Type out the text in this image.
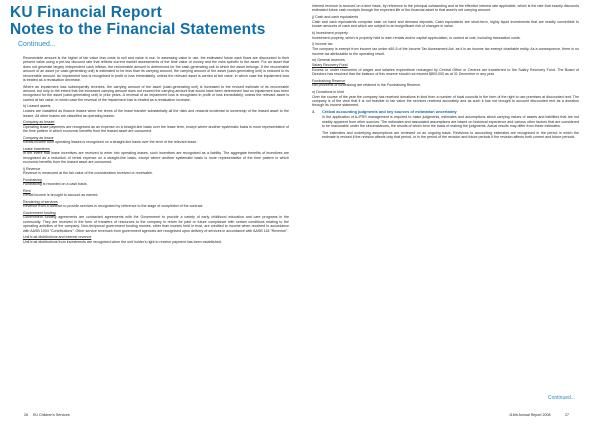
KU Financial Report
Notes to the Financial Statements
Continued...

Recoverable amount is the higher of fair value less costs to sell and value in use. In assessing value in use, the estimated future cash flows are discounted to their present value using a pre-tax discount rate that reflects current market assessments of the time value of money and the risks specific to the asset. For an asset that does not generate largely independent cash inflows, the recoverable amount is determined for the cash-generating unit to which the asset belongs. If the recoverable amount of an asset (or cash-generating unit) is estimated to be less than its carrying amount, the carrying amount of the asset (cash-generating unit) is reduced to its recoverable amount. An impairment loss is recognised in profit or loss immediately, unless the relevant asset is carried at fair value, in which case the impairment loss is treated as a revaluation decrease.

Where an impairment loss subsequently reverses, the carrying amount of the asset (cash-generating unit) is increased to the revised estimate of its recoverable amount, but only to the extent that the increased carrying amount does not exceed the carrying amount that would have been determined had no impairment loss been recognised for the asset (cash-generating unit) in prior years. A reversal of an impairment loss is recognised in profit or loss immediately, unless the relevant asset is carried at fair value, in which case the reversal of the impairment loss is treated as a revaluation increase.

h) Leased assets

Leases are classified as finance leases when the terms of the lease transfer substantially all the risks and rewards incidental to ownership of the leased asset to the lessee. All other leases are classified as operating leases.

Company as lessee

Operating lease payments are recognised as an expense on a straight-line basis over the lease term, except where another systematic basis is more representative of the time pattern in which economic benefits from the leased asset are consumed.

Company as lessor

Rental income from operating leases is recognised on a straight-line basis over the term of the relevant lease.

Lease incentives

In the event that lease incentives are received to enter into operating leases, such incentives are recognised as a liability. The aggregate benefits of incentives are recognised as a reduction of rental expense on a straight-line basis, except where another systematic basis is more representative of the time pattern in which economic benefits from the leased asset are consumed.

i) Revenue

Revenue is measured at the fair value of the consideration received or receivable.

Fundraising

Fundraising is recorded on a cash basis.

Rent

Rental income is brought to account as earned.

Rendering of services

Revenue from a contract to provide services is recognised by reference to the stage of completion of the contract.

Government funding

Government funding agreements are contracted agreements with the Government to provide a variety of early childhood education and care programs in the community. They are received in the form of transfers of resources to the company in return for past or future compliance with certain conditions relating to the operating activities of the company. Non-reciprocal government funding monies, other than monies held in trust, are credited to income when received in accordance with AASB 1004 "Contributions". Other service revenues from government agencies are recognised upon delivery of services in accordance with AASB 118 "Revenue".

Unit trust distributions and interest revenue

Unit trust distributions from investments are recognised when the unit holder's right to receive payment has been established.

Interest revenue is accrued on a time basis, by reference to the principal outstanding and at the effective interest rate applicable, which is the rate that exactly discounts estimated future cash receipts through the expected life of the financial asset to that asset's net carrying amount.

j) Cash and cash equivalents

Cash and cash equivalents comprise cash on hand and demand deposits. Cash equivalents are short-term, highly liquid investments that are readily convertible to known amounts of cash and which are subject to an insignificant risk of changes in value.

k) Investment property

Investment property, which is property held to earn rentals and/or capital appreciation, is carried at cost, including transaction costs.

l) Income tax

The company is exempt from income tax under s50-5 of the Income Tax Assessment Act, as it is an income tax exempt charitable entity. As a consequence, there is no income tax attributable to the operating result.

m) General reserves
Salary Recovery Fund

Excess or under recoveries of wages and salaries expenditure recharged by Central Office or Centres are transferred to the Salary Recovery Fund. The Board of Directors has resolved that the balance of this reserve should not exceed $800,000 as at 31 December in any year.

Fundraising Reserve

Net proceeds of fundraising are retained in the Fundraising Reserve.

n) Donations in kind

Over the course of the year the company has received donations in kind from a number of local councils in the form of the right to use premises at discounted rent. The company is of the view that it is not feasible to fair value the services received accurately and as such it has not brought to account discounted rent as a donation through its income statement.

3.	Critical accounting judgments and key sources of estimation uncertainty

In the application of A-IFRS management is required to make judgments, estimates and assumptions about carrying values of assets and liabilities that are not readily apparent from other sources. The estimates and associated assumptions are based on historical experience and various other factors that are considered to be reasonable under the circumstances, the results of which form the basis of making the judgments. Actual results may differ from these estimates.

The estimates and underlying assumptions are reviewed on an ongoing basis. Revisions to accounting estimates are recognised in the period in which the estimate is revised if the revision affects only that period, or in the period of the revision and future periods if the revision affects both current and future periods.

Continued...
26 KU Children's Services	116th Annual Report 2008	27
